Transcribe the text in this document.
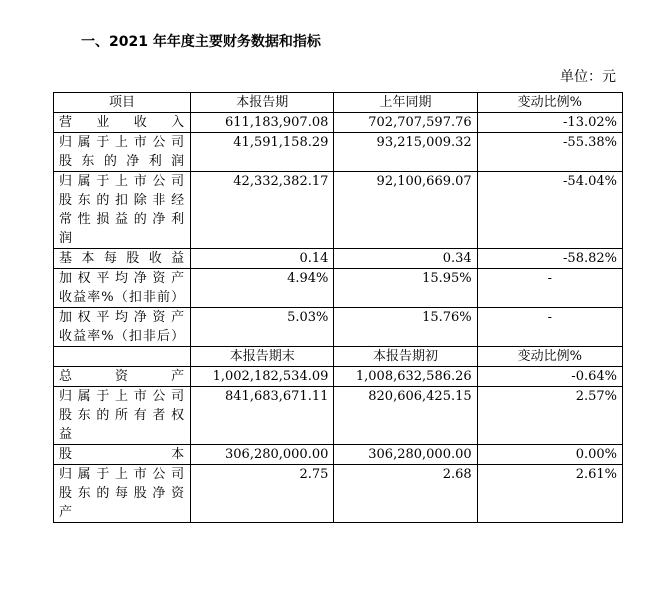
一、2021 年年度主要财务数据和指标
单位：元
项目	本报告期	上年同期	变动比例%

营业收入	611,183,907.08	702,707,597.76	-13.02%

归属于上市公司
股东的净利润	41,591,158.29	93,215,009.32	-55.38%

归属于上市公司
股东的扣除非经
常性损益的净利
润	42,332,382.17	92,100,669.07	-54.04%

基本每股收益	0.14	0.34	-58.82%

加权平均净资产
收益率%（扣非前）	4.94%	15.95%	-

加权平均净资产
收益率%（扣非后）	5.03%	15.76%	-
	本报告期末	本报告期初	变动比例%

总资产	1,002,182,534.09	1,008,632,586.26	-0.64%

归属于上市公司
股东的所有者权
益	841,683,671.11	820,606,425.15	2.57%

股本	306,280,000.00	306,280,000.00	0.00%

归属于上市公司
股东的每股净资
产	2.75	2.68	2.61%
